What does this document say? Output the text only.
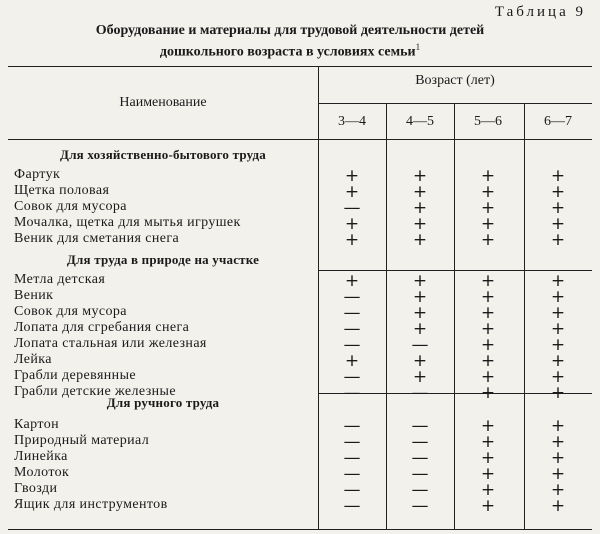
Таблица 9
Оборудование и материалы для трудовой деятельности детей
дошкольного возраста в условиях семьи$^1$
Наименование
Возраст (лет)
3—4	4—5	5—6	6—7
Для хозяйственно-бытового труда
Фартук	+	+	+	+
Щетка половая	+	+	+	+
Совок для мусора	—	+	+	+
Мочалка, щетка для мытья игрушек	+	+	+	+
Веник для сметания снега	+	+	+	+
Для труда в природе на участке
Метла детская	+	+	+	+
Веник	—	+	+	+
Совок для мусора	—	+	+	+
Лопата для сгребания снега	—	+	+	+
Лопата стальная или железная	—	—	+	+
Лейка	+	+	+	+
Грабли деревянные	—	+	+	+
Грабли детские железные	—	—	+	+
Для ручного труда
Картон	—	—	+	+
Природный материал	—	—	+	+
Линейка	—	—	+	+
Молоток	—	—	+	+
Гвозди	—	—	+	+
Ящик для инструментов	—	—	+	+
